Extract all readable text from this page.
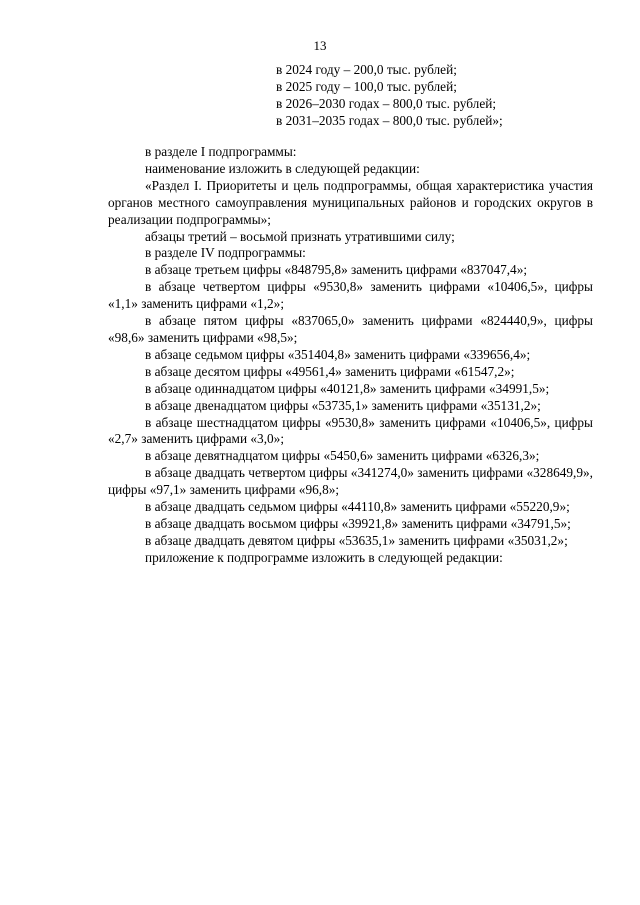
13
в 2024 году – 200,0 тыс. рублей;
в 2025 году – 100,0 тыс. рублей;
в 2026–2030 годах – 800,0 тыс. рублей;
в 2031–2035 годах – 800,0 тыс. рублей»;

в разделе I подпрограммы:

наименование изложить в следующей редакции:

«Раздел I. Приоритеты и цель подпрограммы, общая характеристика участия органов местного самоуправления муниципальных районов и городских округов в реализации подпрограммы»;

абзацы третий – восьмой признать утратившими силу;

в разделе IV подпрограммы:

в абзаце третьем цифры «848795,8» заменить цифрами «837047,4»;

в абзаце четвертом цифры «9530,8» заменить цифрами «10406,5», цифры «1,1» заменить цифрами «1,2»;

в абзаце пятом цифры «837065,0» заменить цифрами «824440,9», цифры «98,6» заменить цифрами «98,5»;

в абзаце седьмом цифры «351404,8» заменить цифрами «339656,4»;

в абзаце десятом цифры «49561,4» заменить цифрами «61547,2»;

в абзаце одиннадцатом цифры «40121,8» заменить цифрами «34991,5»;

в абзаце двенадцатом цифры «53735,1» заменить цифрами «35131,2»;

в абзаце шестнадцатом цифры «9530,8» заменить цифрами «10406,5», цифры «2,7» заменить цифрами «3,0»;

в абзаце девятнадцатом цифры «5450,6» заменить цифрами «6326,3»;

в абзаце двадцать четвертом цифры «341274,0» заменить цифрами «328649,9», цифры «97,1» заменить цифрами «96,8»;

в абзаце двадцать седьмом цифры «44110,8» заменить цифрами «55220,9»;

в абзаце двадцать восьмом цифры «39921,8» заменить цифрами «34791,5»;

в абзаце двадцать девятом цифры «53635,1» заменить цифрами «35031,2»;

приложение к подпрограмме изложить в следующей редакции:
